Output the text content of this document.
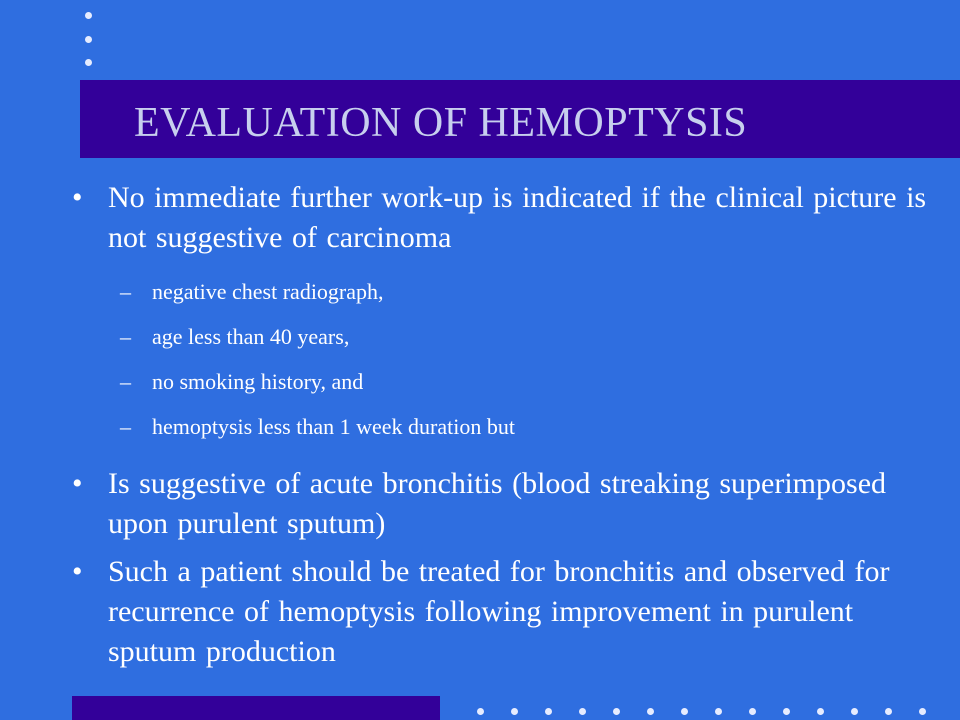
EVALUATION OF HEMOPTYSIS
• No immediate further work-up is indicated if the clinical picture is not suggestive of carcinoma
– negative chest radiograph,
– age less than 40 years,
– no smoking history, and
– hemoptysis less than 1 week duration but
• Is suggestive of acute bronchitis (blood streaking superimposed upon purulent sputum)
• Such a patient should be treated for bronchitis and observed for recurrence of hemoptysis following improvement in purulent sputum production
